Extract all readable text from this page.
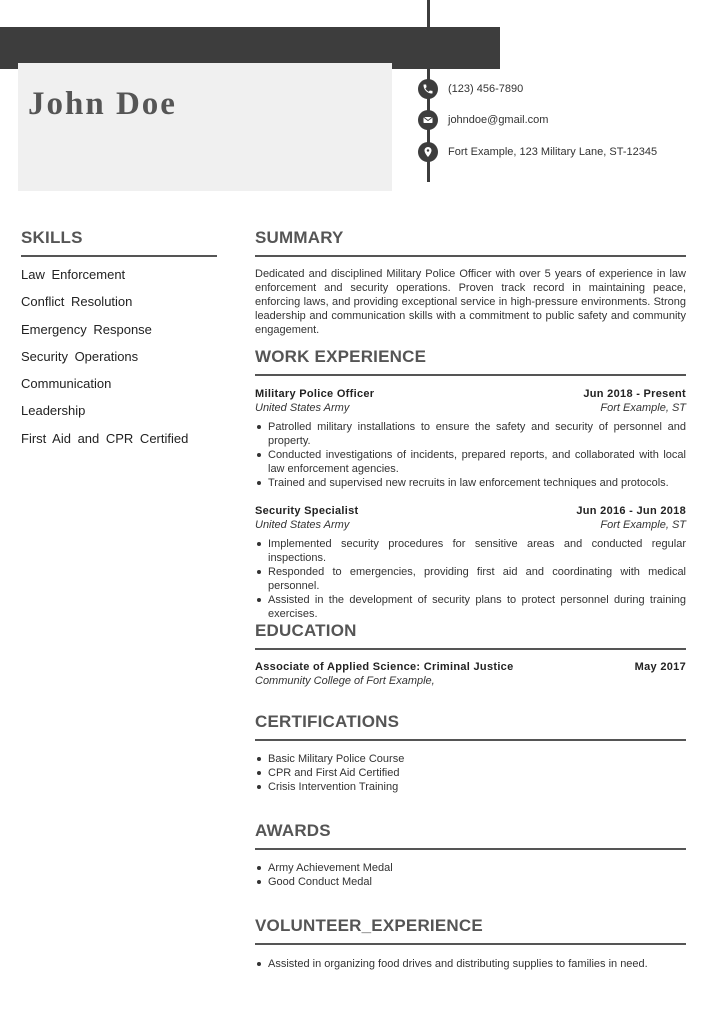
John Doe	(123) 456-7890
johndoe@gmail.com
Fort Example, 123 Military Lane, ST-12345
SKILLS
Law Enforcement
Conflict Resolution
Emergency Response
Security Operations
Communication
Leadership
First Aid and CPR Certified
SUMMARY

Dedicated and disciplined Military Police Officer with over 5 years of experience in law enforcement and security operations. Proven track record in maintaining peace, enforcing laws, and providing exceptional service in high-pressure environments. Strong leadership and communication skills with a commitment to public safety and community engagement.

WORK EXPERIENCE
Military Police Officer	Jun 2018 - Present
United States Army	Fort Example, ST
Patrolled military installations to ensure the safety and security of personnel and property.
Conducted investigations of incidents, prepared reports, and collaborated with local law enforcement agencies.
Trained and supervised new recruits in law enforcement techniques and protocols.
Security Specialist	Jun 2016 - Jun 2018
United States Army	Fort Example, ST
Implemented security procedures for sensitive areas and conducted regular inspections.
Responded to emergencies, providing first aid and coordinating with medical personnel.
Assisted in the development of security plans to protect personnel during training exercises.
EDUCATION
Associate of Applied Science: Criminal Justice	May 2017
Community College of Fort Example,
CERTIFICATIONS
Basic Military Police Course
CPR and First Aid Certified
Crisis Intervention Training
AWARDS
Army Achievement Medal
Good Conduct Medal
VOLUNTEER_EXPERIENCE
Assisted in organizing food drives and distributing supplies to families in need.
